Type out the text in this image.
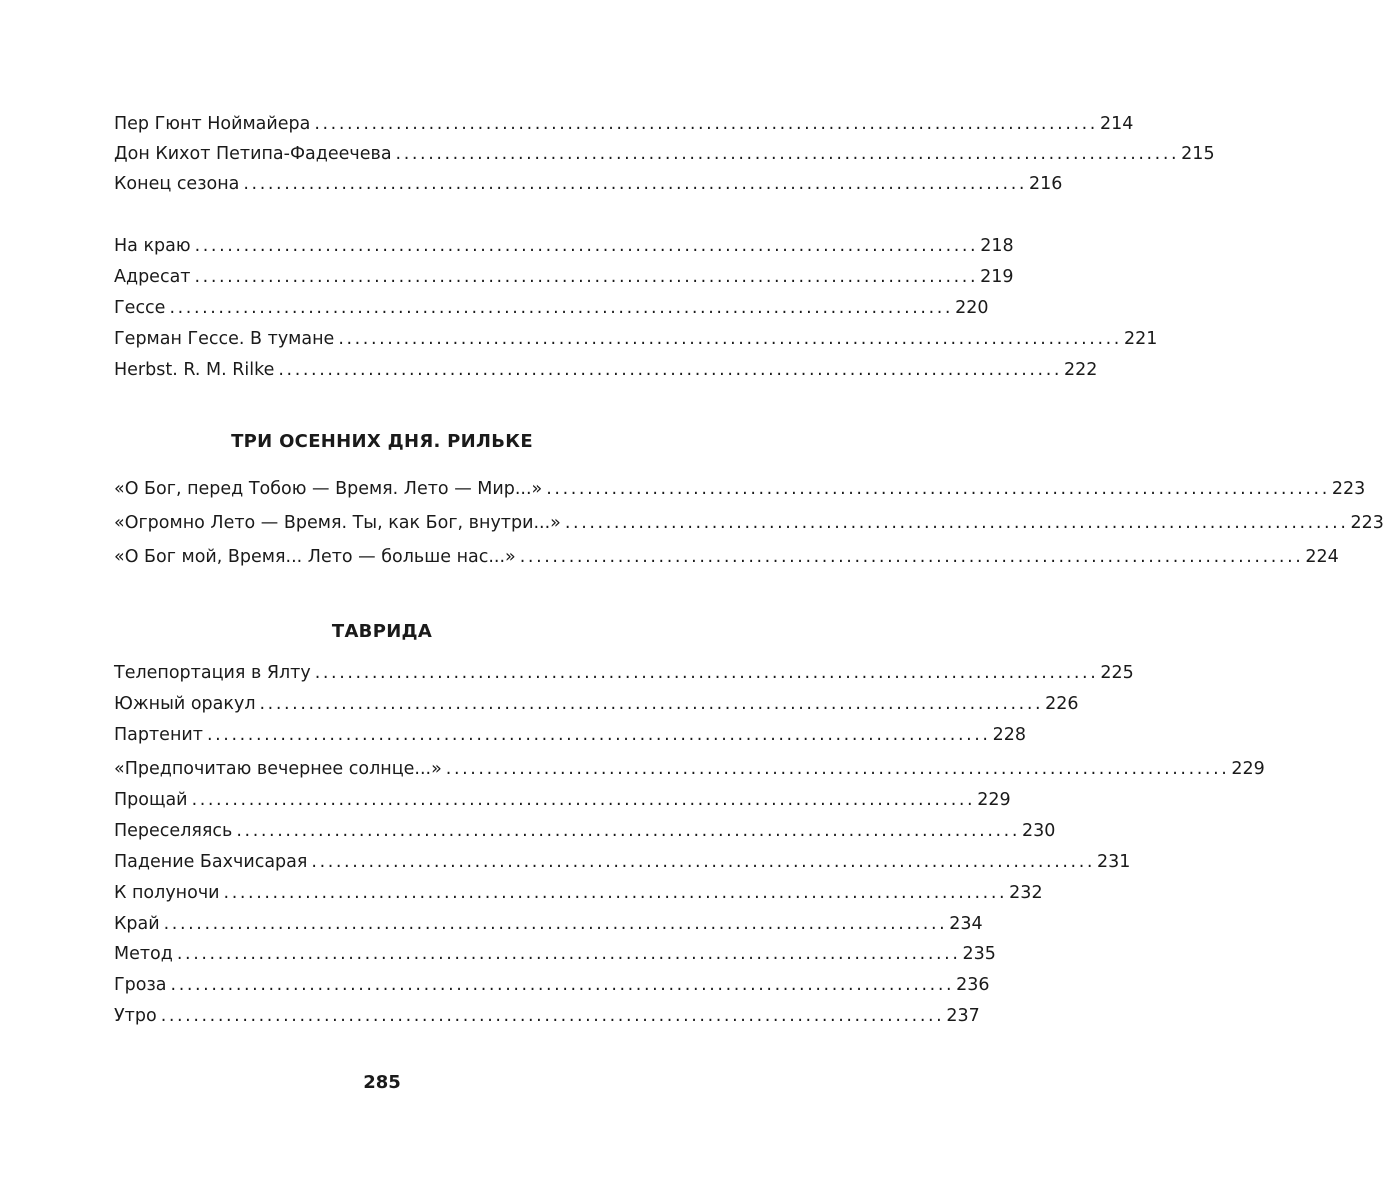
Пер Гюнт Ноймайера ................................................................................................ 214
Дон Кихот Петипа-Фадеечева ................................................................................................ 215
Конец сезона ................................................................................................ 216
На краю ................................................................................................ 218
Адресат ................................................................................................ 219
Гессе ................................................................................................ 220
Герман Гессе. В тумане ................................................................................................ 221
Herbst. R. M. Rilke ................................................................................................ 222
ТРИ ОСЕННИХ ДНЯ. РИЛЬКЕ
«О Бог, перед Тобою — Время. Лето — Мир...» ................................................................................................ 223
«Огромно Лето — Время. Ты, как Бог, внутри...» ................................................................................................ 223
«О Бог мой, Время... Лето — больше нас...» ................................................................................................ 224
ТАВРИДА
Телепортация в Ялту ................................................................................................ 225
Южный оракул ................................................................................................ 226
Партенит ................................................................................................ 228
«Предпочитаю вечернее солнце...» ................................................................................................ 229
Прощай ................................................................................................ 229
Переселяясь ................................................................................................ 230
Падение Бахчисарая ................................................................................................ 231
К полуночи ................................................................................................ 232
Край ................................................................................................ 234
Метод ................................................................................................ 235
Гроза ................................................................................................ 236
Утро ................................................................................................ 237
285
